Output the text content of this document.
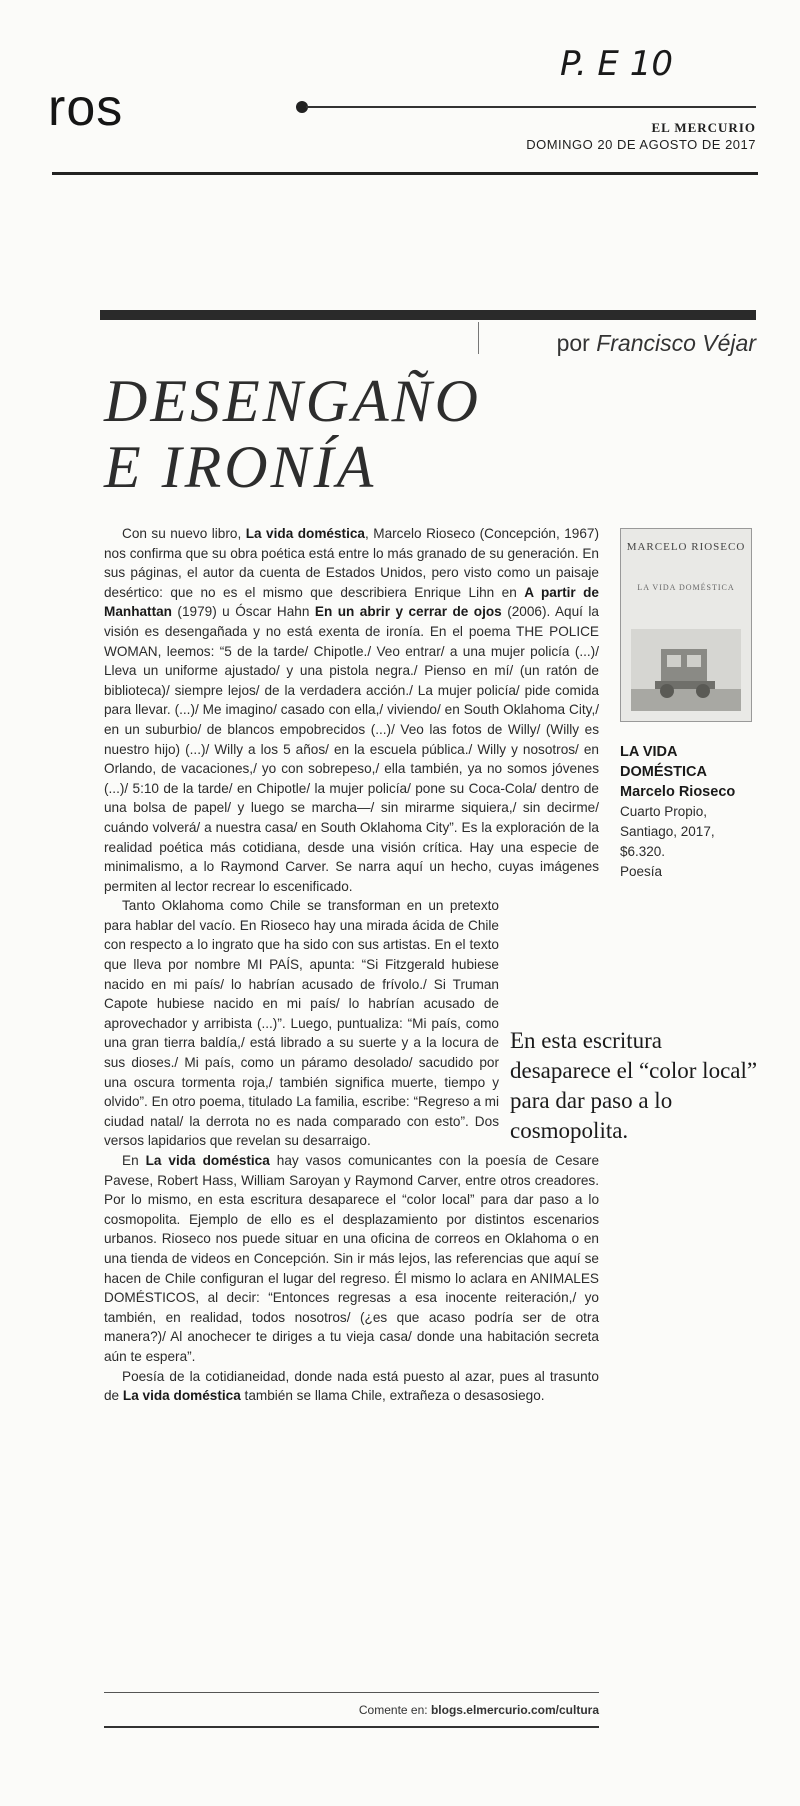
ros
P. E 10
EL MERCURIO
DOMINGO 20 DE AGOSTO DE 2017
por Francisco Véjar
DESENGAÑO
E IRONÍA

Con su nuevo libro, La vida doméstica, Marcelo Rioseco (Concepción, 1967) nos confirma que su obra poética está entre lo más granado de su generación. En sus páginas, el autor da cuenta de Estados Unidos, pero visto como un paisaje desértico: que no es el mismo que describiera Enrique Lihn en A partir de Manhattan (1979) u Óscar Hahn En un abrir y cerrar de ojos (2006). Aquí la visión es desengañada y no está exenta de ironía. En el poema THE POLICE WOMAN, leemos: “5 de la tarde/ Chipotle./ Veo entrar/ a una mujer policía (...)/ Lleva un uniforme ajustado/ y una pistola negra./ Pienso en mí/ (un ratón de biblioteca)/ siempre lejos/ de la verdadera acción./ La mujer policía/ pide comida para llevar. (...)/ Me imagino/ casado con ella,/ viviendo/ en South Oklahoma City,/ en un suburbio/ de blancos empobrecidos (...)/ Veo las fotos de Willy/ (Willy es nuestro hijo) (...)/ Willy a los 5 años/ en la escuela pública./ Willy y nosotros/ en Orlando, de vacaciones,/ yo con sobrepeso,/ ella también, ya no somos jóvenes (...)/ 5:10 de la tarde/ en Chipotle/ la mujer policía/ pone su Coca-Cola/ dentro de una bolsa de papel/ y luego se marcha—/ sin mirarme siquiera,/ sin decirme/ cuándo volverá/ a nuestra casa/ en South Oklahoma City”. Es la exploración de la realidad poética más cotidiana, desde una visión crítica. Hay una especie de minimalismo, a lo Raymond Carver. Se narra aquí un hecho, cuyas imágenes permiten al lector recrear lo escenificado.

Tanto Oklahoma como Chile se transforman en un pretexto para hablar del vacío. En Rioseco hay una mirada ácida de Chile con respecto a lo ingrato que ha sido con sus artistas. En el texto que lleva por nombre MI PAÍS, apunta: “Si Fitzgerald hubiese nacido en mi país/ lo habrían acusado de frívolo./ Si Truman Capote hubiese nacido en mi país/ lo habrían acusado de aprovechador y arribista (...)”. Luego, puntualiza: “Mi país, como una gran tierra baldía,/ está librado a su suerte y a la locura de sus dioses./ Mi país, como un páramo desolado/ sacudido por una oscura tormenta roja,/ también significa muerte, tiempo y olvido”. En otro poema, titulado La familia, escribe: “Regreso a mi ciudad natal/ la derrota no es nada comparado con esto”. Dos versos lapidarios que revelan su desarraigo.

En La vida doméstica hay vasos comunicantes con la poesía de Cesare Pavese, Robert Hass, William Saroyan y Raymond Carver, entre otros creadores. Por lo mismo, en esta escritura desaparece el “color local” para dar paso a lo cosmopolita. Ejemplo de ello es el desplazamiento por distintos escenarios urbanos. Rioseco nos puede situar en una oficina de correos en Oklahoma o en una tienda de videos en Concepción. Sin ir más lejos, las referencias que aquí se hacen de Chile configuran el lugar del regreso. Él mismo lo aclara en ANIMALES DOMÉSTICOS, al decir: “Entonces regresas a esa inocente reiteración,/ yo también, en realidad, todos nosotros/ (¿es que acaso podría ser de otra manera?)/ Al anochecer te diriges a tu vieja casa/ donde una habitación secreta aún te espera”.

Poesía de la cotidianeidad, donde nada está puesto al azar, pues al trasunto de La vida doméstica también se llama Chile, extrañeza o desasosiego.

MARCELO RIOSECO
LA VIDA DOMÉSTICA
LA VIDA DOMÉSTICA
Marcelo Rioseco
Cuarto Propio,
Santiago, 2017,
$6.320.
Poesía
En esta escritura desaparece el “color local” para dar paso a lo cosmopolita.
Comente en: blogs.elmercurio.com/cultura
